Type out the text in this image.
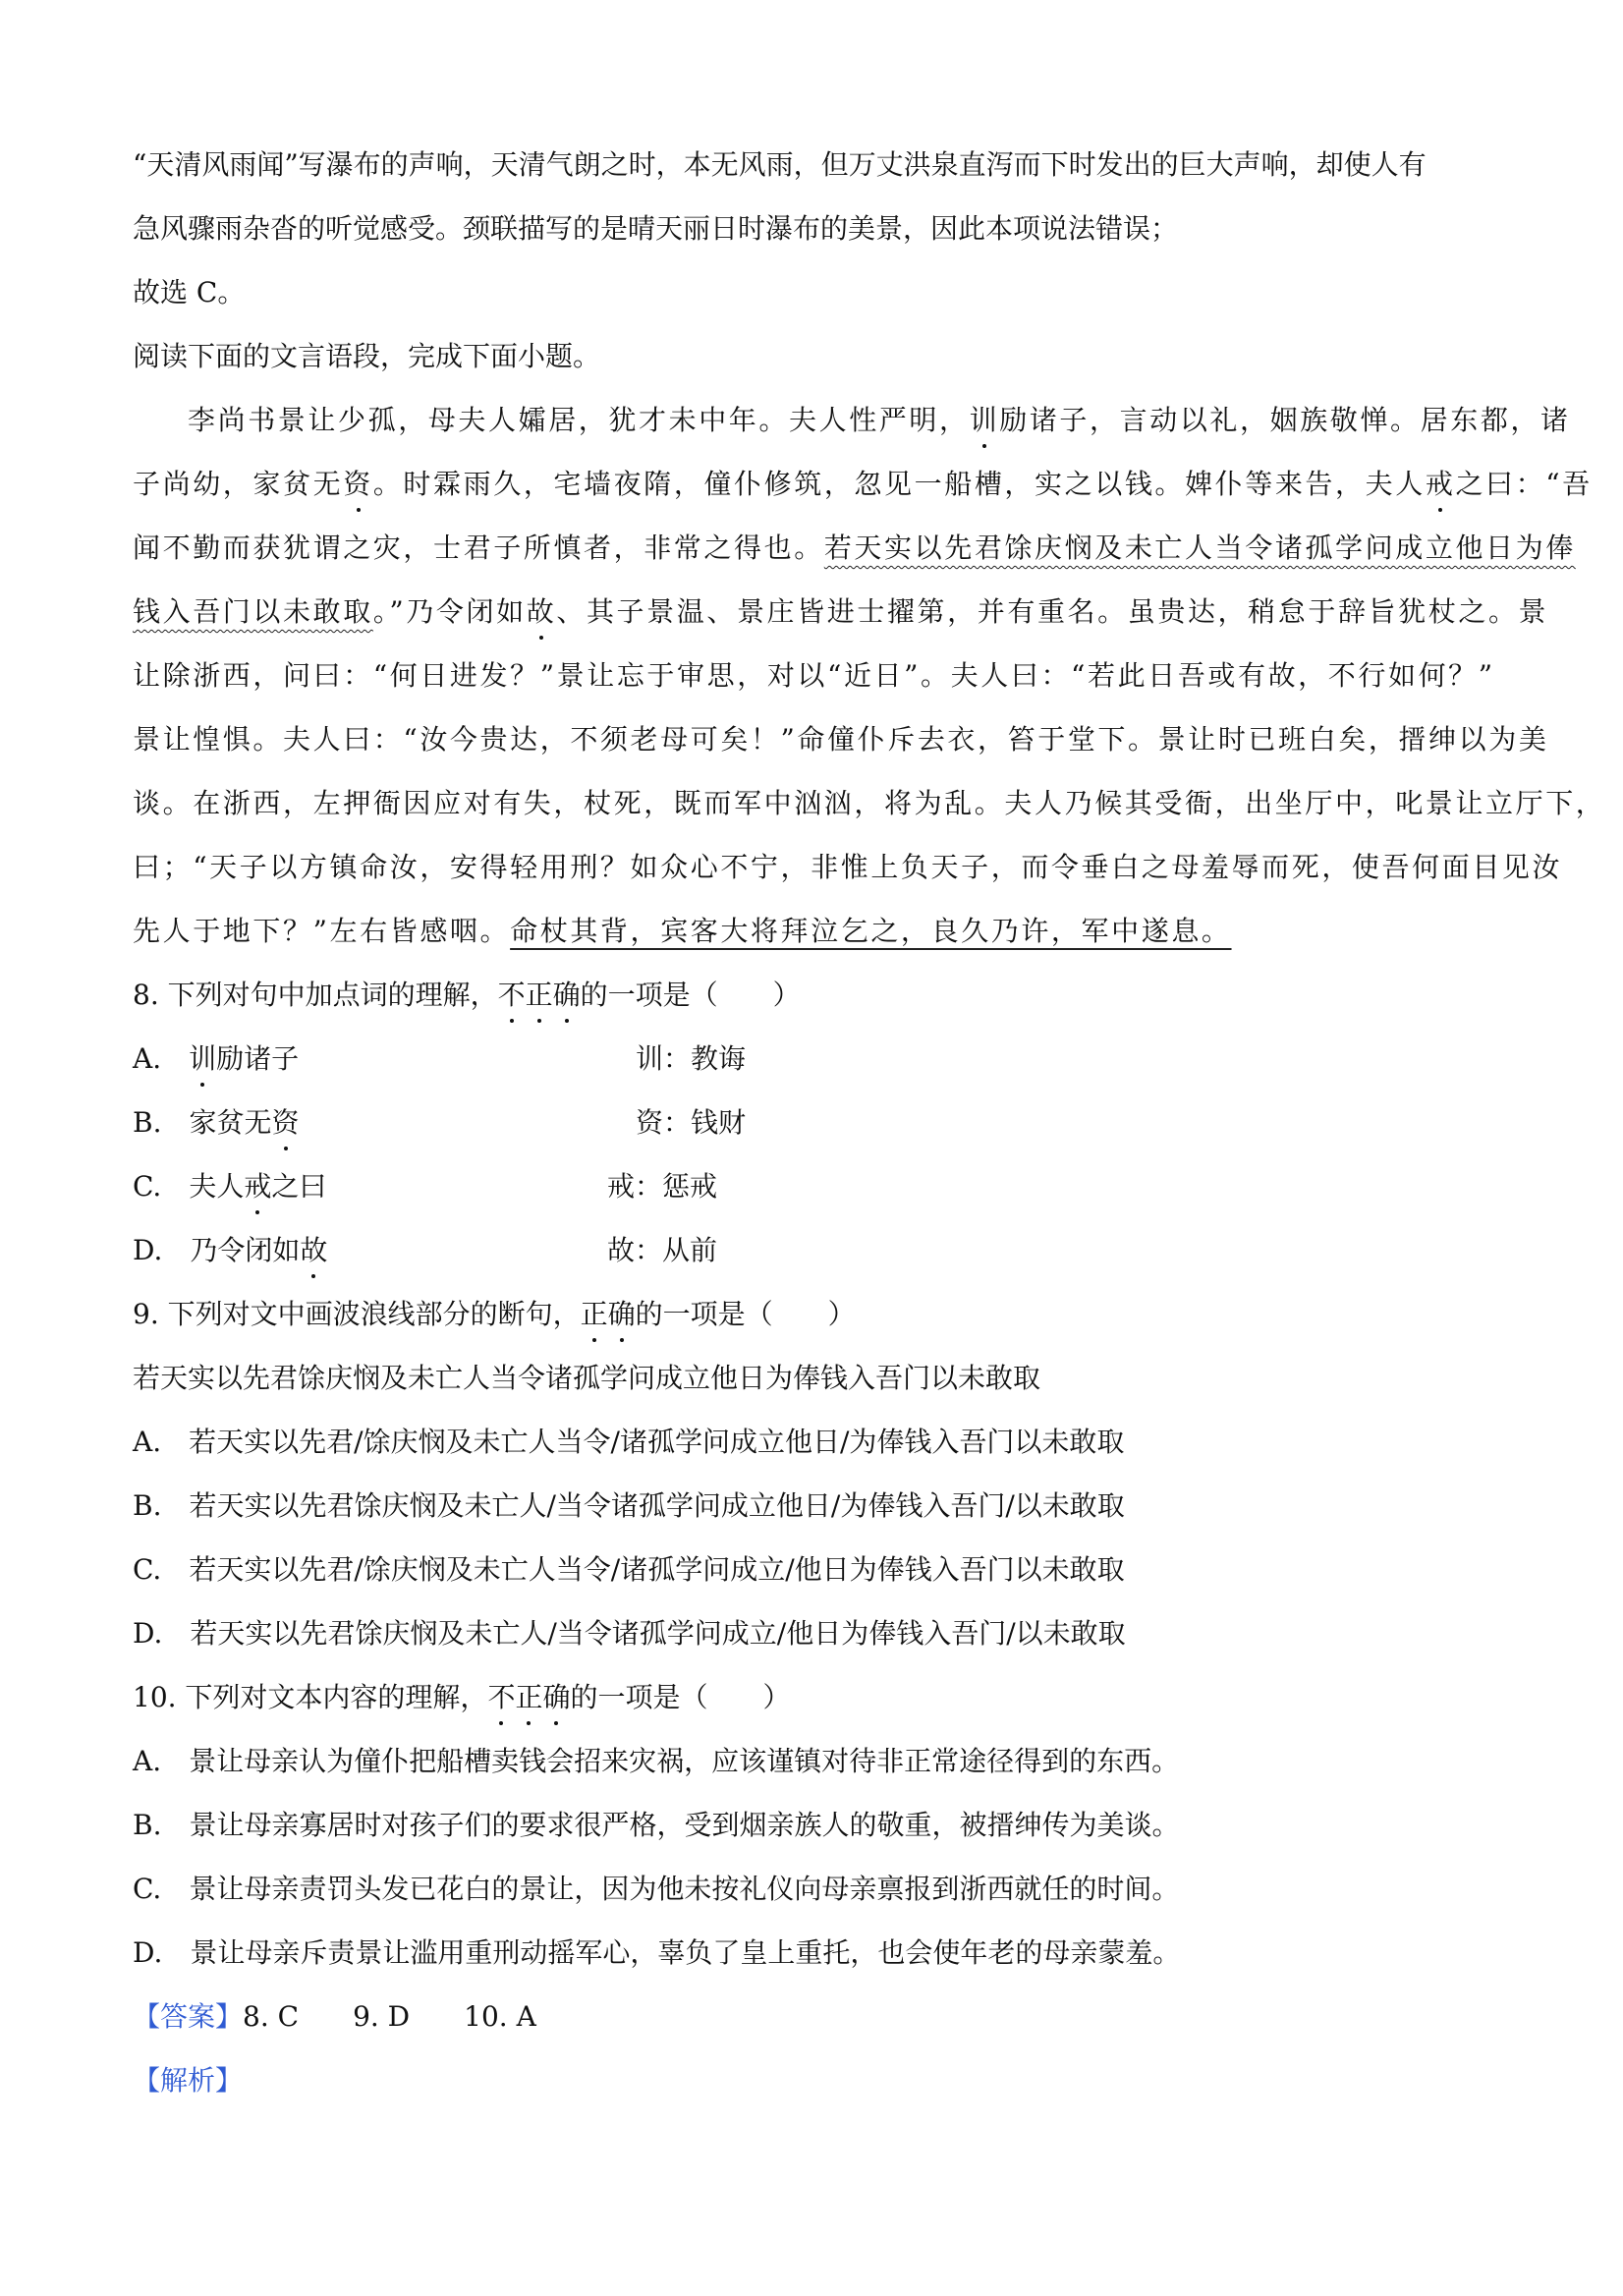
“天清风雨闻”写瀑布的声响，天清气朗之时，本无风雨，但万丈洪泉直泻而下时发出的巨大声响，却使人有
急风骤雨杂沓的听觉感受。颈联描写的是晴天丽日时瀑布的美景，因此本项说法错误；
故选 C。
阅读下面的文言语段，完成下面小题。
李尚书景让少孤，母夫人孀居，犹才未中年。夫人性严明，训励诸子，言动以礼，姻族敬惮。居东都，诸
子尚幼，家贫无资。时霖雨久，宅墙夜隋，僮仆修筑，忽见一船槽，实之以钱。婢仆等来告，夫人戒之曰：“吾
闻不勤而获犹谓之灾，士君子所慎者，非常之得也。若天实以先君馀庆悯及未亡人当令诸孤学问成立他日为俸
钱入吾门以未敢取。”乃令闭如故、其子景温、景庄皆进士擢第，并有重名。虽贵达，稍怠于辞旨犹杖之。景
让除浙西，问曰：“何日进发？”景让忘于审思，对以“近日”。夫人曰：“若此日吾或有故，不行如何？”
景让惶惧。夫人曰：“汝今贵达，不须老母可矣！”命僮仆斥去衣，笞于堂下。景让时已班白矣，搢绅以为美
谈。在浙西，左押衙因应对有失，杖死，既而军中汹汹，将为乱。夫人乃候其受衙，出坐厅中，叱景让立厅下，
曰；“天子以方镇命汝，安得轻用刑？如众心不宁，非惟上负天子，而令垂白之母羞辱而死，使吾何面目见汝
先人于地下？”左右皆感咽。命杖其背，宾客大将拜泣乞之，良久乃许，军中遂息。
8. 下列对句中加点词的理解，不正确的一项是（　　）
A.　 训励诸子	训：教诲
B.　 家贫无资	资：钱财
C.　 夫人戒之曰	戒：惩戒
D.　 乃令闭如故	故：从前
9. 下列对文中画波浪线部分的断句，正确的一项是（　　）
若天实以先君馀庆悯及未亡人当令诸孤学问成立他日为俸钱入吾门以未敢取
A.　若天实以先君/馀庆悯及未亡人当令/诸孤学问成立他日/为俸钱入吾门以未敢取
B.　若天实以先君馀庆悯及未亡人/当令诸孤学问成立他日/为俸钱入吾门/以未敢取
C.　若天实以先君/馀庆悯及未亡人当令/诸孤学问成立/他日为俸钱入吾门以未敢取
D.　若天实以先君馀庆悯及未亡人/当令诸孤学问成立/他日为俸钱入吾门/以未敢取
10. 下列对文本内容的理解，不正确的一项是（　　）
A.　景让母亲认为僮仆把船槽卖钱会招来灾祸，应该谨镇对待非正常途径得到的东西。
B.　景让母亲寡居时对孩子们的要求很严格，受到烟亲族人的敬重，被搢绅传为美谈。
C.　景让母亲责罚头发已花白的景让，因为他未按礼仪向母亲禀报到浙西就任的时间。
D.　景让母亲斥责景让滥用重刑动摇军心，辜负了皇上重托，也会使年老的母亲蒙羞。
【答案】8. C 9. D 10. A
【解析】
